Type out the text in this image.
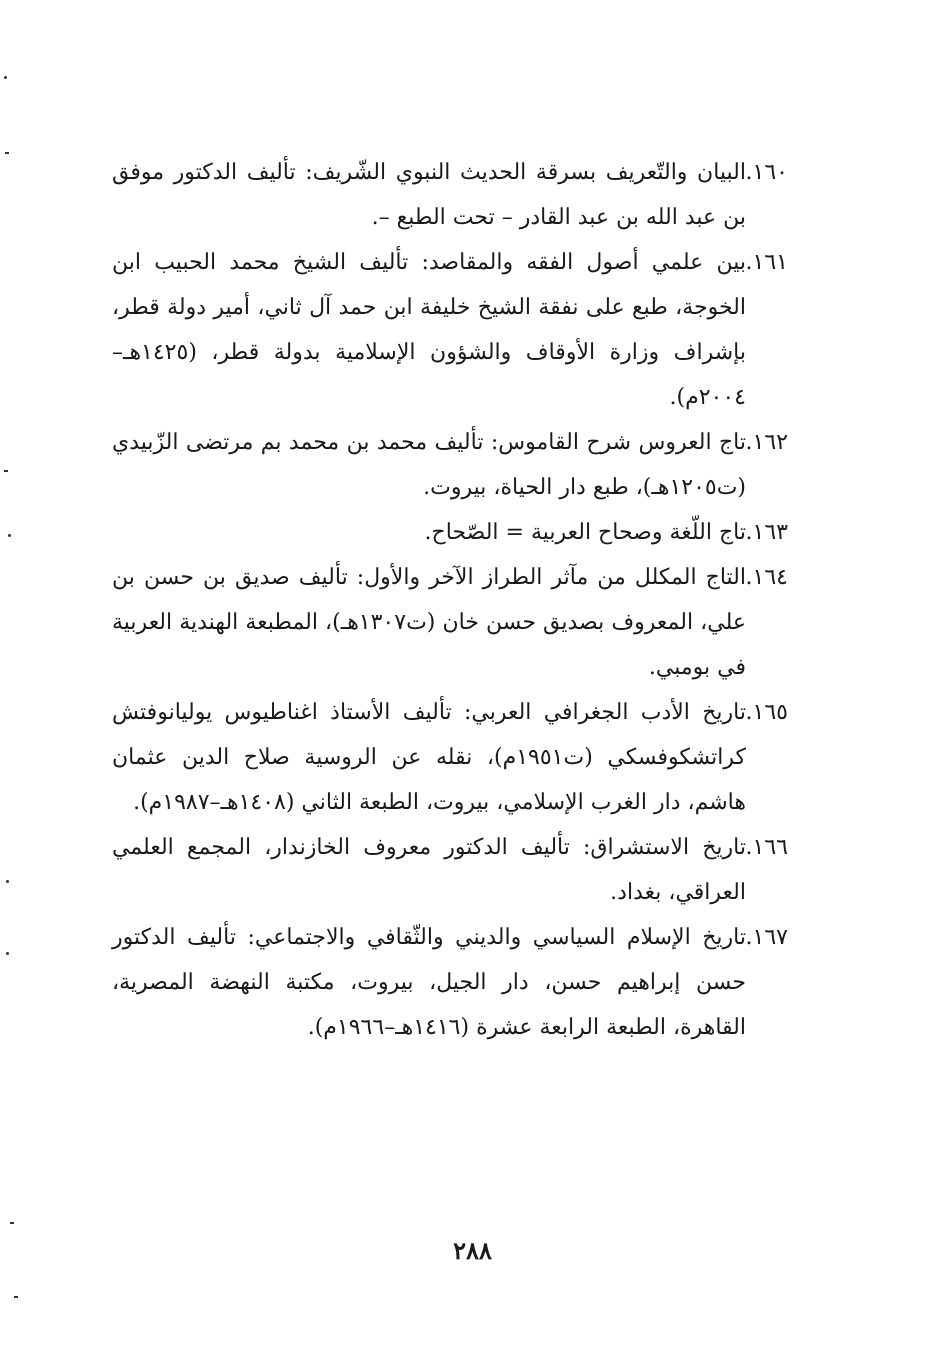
١٦٠.
البيان والتّعريف بسرقة الحديث النبوي الشّريف: تأليف الدكتور موفق بن عبد الله بن عبد القادر – تحت الطبع –.
١٦١.
بين علمي أصول الفقه والمقاصد: تأليف الشيخ محمد الحبيب ابن الخوجة، طبع على نفقة الشيخ خليفة ابن حمد آل ثاني، أمير دولة قطر، بإشراف وزارة الأوقاف والشؤون الإسلامية بدولة قطر، (١٤٢٥هـ–٢٠٠٤م).
١٦٢.
تاج العروس شرح القاموس: تأليف محمد بن محمد بم مرتضى الزّبيدي (ت١٢٠٥هـ)، طبع دار الحياة، بيروت.
١٦٣.
تاج اللّغة وصحاح العربية = الصّحاح.
١٦٤.
التاج المكلل من مآثر الطراز الآخر والأول: تأليف صديق بن حسن بن علي، المعروف بصديق حسن خان (ت١٣٠٧هـ)، المطبعة الهندية العربية في بومبي.
١٦٥.
تاريخ الأدب الجغرافي العربي: تأليف الأستاذ اغناطيوس يوليانوفتش كراتشكوفسكي (ت١٩٥١م)، نقله عن الروسية صلاح الدين عثمان هاشم، دار الغرب الإسلامي، بيروت، الطبعة الثاني (١٤٠٨هـ–١٩٨٧م).
١٦٦.
تاريخ الاستشراق: تأليف الدكتور معروف الخازندار، المجمع العلمي العراقي، بغداد.
١٦٧.
تاريخ الإسلام السياسي والديني والثّقافي والاجتماعي: تأليف الدكتور حسن إبراهيم حسن، دار الجيل، بيروت، مكتبة النهضة المصرية، القاهرة، الطبعة الرابعة عشرة (١٤١٦هـ–١٩٦٦م).
٢٨٨
